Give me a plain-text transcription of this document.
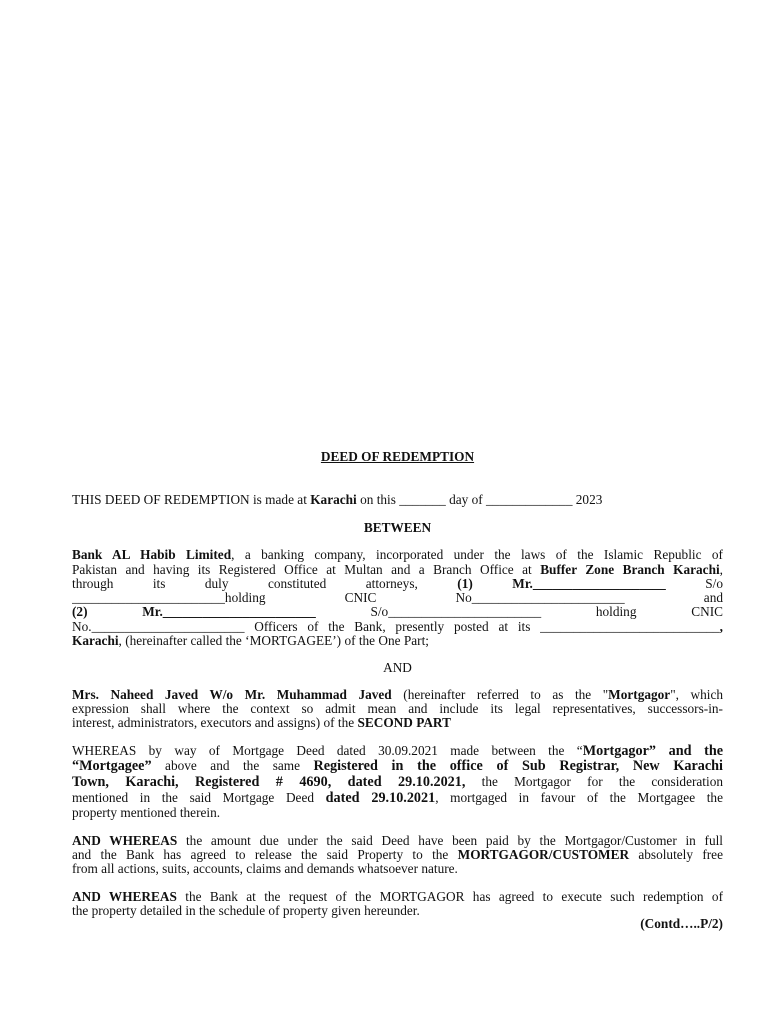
DEED OF REDEMPTION
THIS DEED OF REDEMPTION is made at Karachi on this _______ day of _____________ 2023
BETWEEN
Bank AL Habib Limited, a banking company, incorporated under the laws of the Islamic Republic of
Pakistan and having its Registered Office at Multan and a Branch Office at Buffer Zone Branch Karachi,
through its duly constituted attorneys, (1) Mr.____________________ S/o
_______________________holding CNIC No_______________________ and
(2) Mr._______________________ S/o_______________________ holding CNIC
No._______________________ Officers of the Bank, presently posted at its ___________________________,
Karachi, (hereinafter called the ‘MORTGAGEE’) of the One Part;
AND
Mrs. Naheed Javed W/o Mr. Muhammad Javed (hereinafter referred to as the "Mortgagor", which
expression shall where the context so admit mean and include its legal representatives, successors-in-
interest, administrators, executors and assigns) of the SECOND PART
WHEREAS by way of Mortgage Deed dated 30.09.2021 made between the “Mortgagor” and the
“Mortgagee” above and the same Registered in the office of Sub Registrar, New Karachi
Town, Karachi, Registered # 4690, dated 29.10.2021, the Mortgagor for the consideration
mentioned in the said Mortgage Deed dated 29.10.2021, mortgaged in favour of the Mortgagee the
property mentioned therein.
AND WHEREAS the amount due under the said Deed have been paid by the Mortgagor/Customer in full
and the Bank has agreed to release the said Property to the MORTGAGOR/CUSTOMER absolutely free
from all actions, suits, accounts, claims and demands whatsoever nature.
AND WHEREAS the Bank at the request of the MORTGAGOR has agreed to execute such redemption of
the property detailed in the schedule of property given hereunder.
(Contd…..P/2)
